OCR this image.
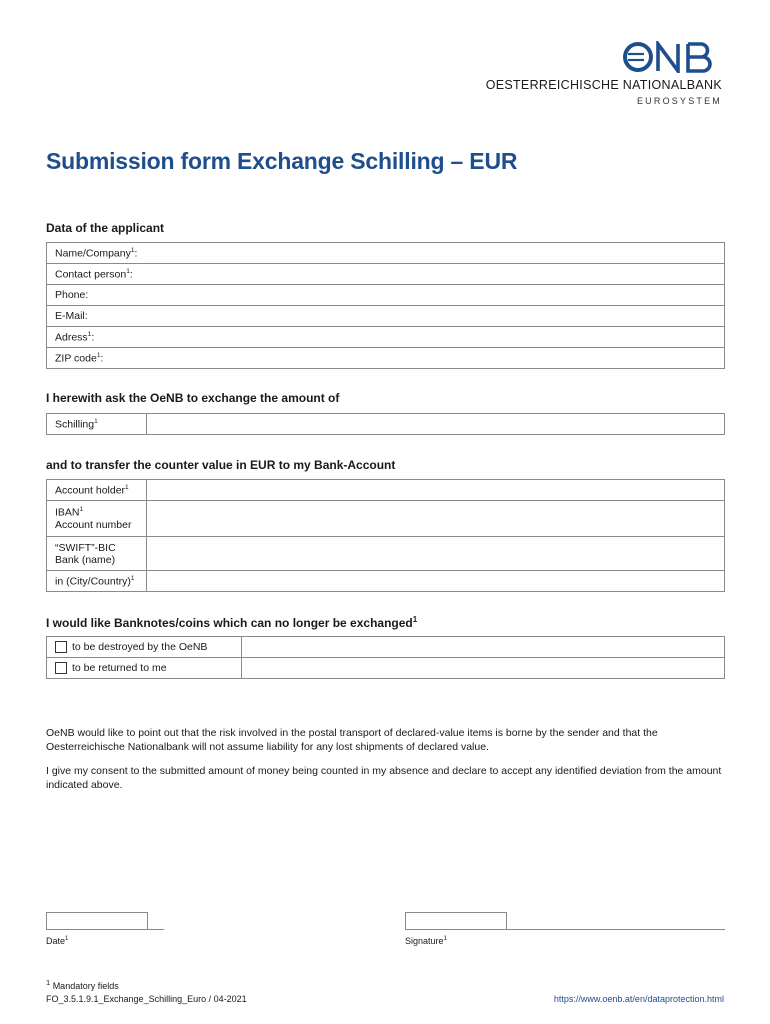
OESTERREICHISCHE NATIONALBANK
EUROSYSTEM
Submission form Exchange Schilling – EUR
Data of the applicant
Name/Company$^1$:
Contact person$^1$:
Phone:
E-Mail:
Adress$^1$:
ZIP code$^1$:
I herewith ask the OeNB to exchange the amount of
Schilling$^1$	
and to transfer the counter value in EUR to my Bank-Account
Account holder$^1$	
IBAN$^1$
Account number	
“SWIFT”-BIC
Bank (name)	
in (City/Country)$^1$	
I would like Banknotes/coins which can no longer be exchanged$^1$
to be destroyed by the OeNB	
to be returned to me	
OeNB would like to point out that the risk involved in the postal transport of declared-value items is borne by the sender and that the Oesterreichische Nationalbank will not assume liability for any lost shipments of declared value.
I give my consent to the submitted amount of money being counted in my absence and declare to accept any identified deviation from the amount indicated above.
Date$^1$	Signature$^1$
$^1$ Mandatory fields
FO_3.5.1.9.1_Exchange_Schilling_Euro / 04-2021	https://www.oenb.at/en/dataprotection.html
